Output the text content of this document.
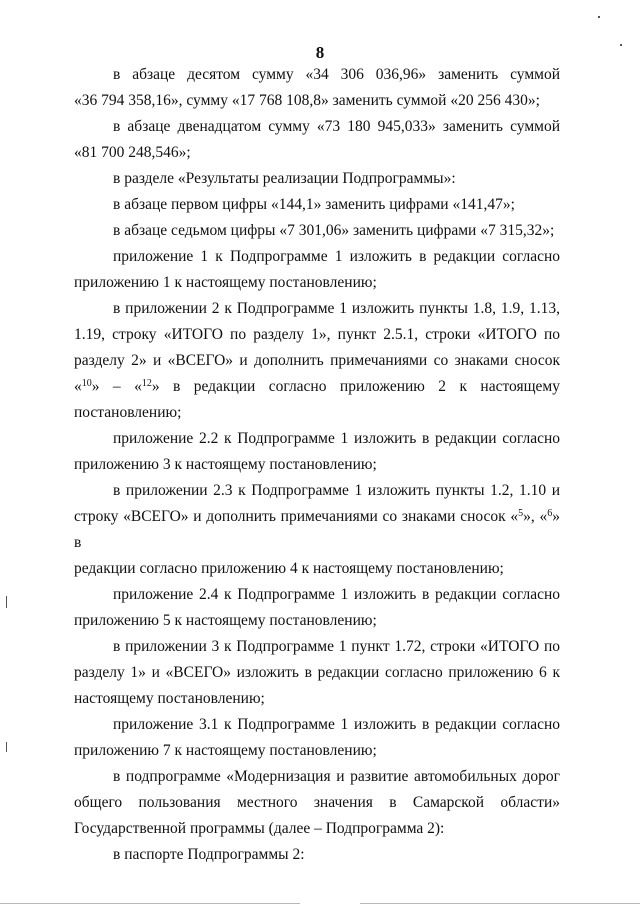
8

в абзаце десятом сумму «34 306 036,96» заменить суммой
«36 794 358,16», сумму «17 768 108,8» заменить суммой «20 256 430»;

в абзаце двенадцатом сумму «73 180 945,033» заменить суммой
«81 700 248,546»;

в разделе «Результаты реализации Подпрограммы»:

в абзаце первом цифры «144,1» заменить цифрами «141,47»;

в абзаце седьмом цифры «7 301,06» заменить цифрами «7 315,32»;

приложение 1 к Подпрограмме 1 изложить в редакции согласно
приложению 1 к настоящему постановлению;

в приложении 2 к Подпрограмме 1 изложить пункты 1.8, 1.9, 1.13,
1.19, строку «ИТОГО по разделу 1», пункт 2.5.1, строки «ИТОГО по
разделу 2» и «ВСЕГО» и дополнить примечаниями со знаками сносок
«$^{10}$» – «$^{12}$» в редакции согласно приложению 2 к настоящему
постановлению;

приложение 2.2 к Подпрограмме 1 изложить в редакции согласно
приложению 3 к настоящему постановлению;

в приложении 2.3 к Подпрограмме 1 изложить пункты 1.2, 1.10 и
строку «ВСЕГО» и дополнить примечаниями со знаками сносок «$^5$», «$^6$» в
редакции согласно приложению 4 к настоящему постановлению;

приложение 2.4 к Подпрограмме 1 изложить в редакции согласно
приложению 5 к настоящему постановлению;

в приложении 3 к Подпрограмме 1 пункт 1.72, строки «ИТОГО по
разделу 1» и «ВСЕГО» изложить в редакции согласно приложению 6 к
настоящему постановлению;

приложение 3.1 к Подпрограмме 1 изложить в редакции согласно
приложению 7 к настоящему постановлению;

в подпрограмме «Модернизация и развитие автомобильных дорог
общего пользования местного значения в Самарской области»
Государственной программы (далее – Подпрограмма 2):

в паспорте Подпрограммы 2:
